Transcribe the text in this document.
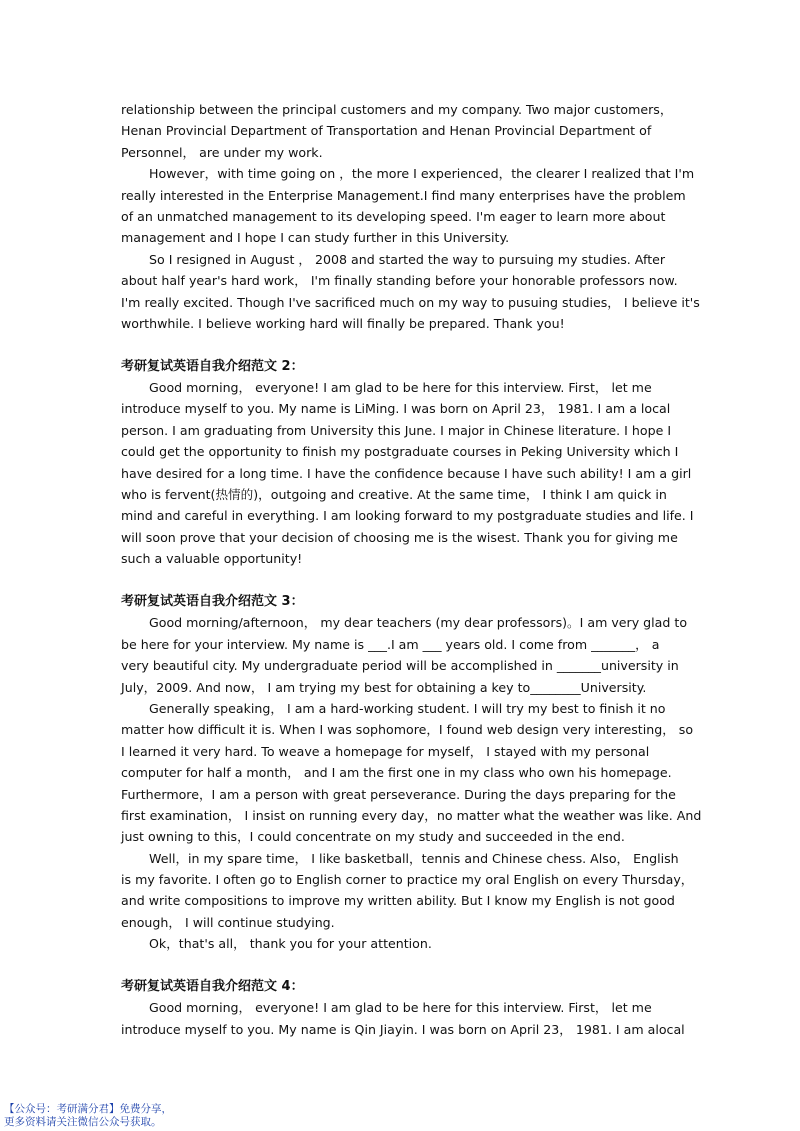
relationship between the principal customers and my company. Two major customers，
Henan Provincial Department of Transportation and Henan Provincial Department of
Personnel， are under my work.
However，with time going on ，the more I experienced，the clearer I realized that I'm
really interested in the Enterprise Management.I find many enterprises have the problem
of an unmatched management to its developing speed. I'm eager to learn more about
management and I hope I can study further in this University.
So I resigned in August ， 2008 and started the way to pursuing my studies. After
about half year's hard work， I'm finally standing before your honorable professors now.
I'm really excited. Though I've sacrificed much on my way to pusuing studies， I believe it's
worthwhile. I believe working hard will finally be prepared. Thank you!
考研复试英语自我介绍范文 2：
Good morning， everyone! I am glad to be here for this interview. First， let me
introduce myself to you. My name is LiMing. I was born on April 23， 1981. I am a local
person. I am graduating from University this June. I major in Chinese literature. I hope I
could get the opportunity to finish my postgraduate courses in Peking University which I
have desired for a long time. I have the confidence because I have such ability! I am a girl
who is fervent(热情的)，outgoing and creative. At the same time， I think I am quick in
mind and careful in everything. I am looking forward to my postgraduate studies and life. I
will soon prove that your decision of choosing me is the wisest. Thank you for giving me
such a valuable opportunity!
考研复试英语自我介绍范文 3：
Good morning/afternoon， my dear teachers (my dear professors)。I am very glad to
be here for your interview. My name is ___.I am ___ years old. I come from _______， a
very beautiful city. My undergraduate period will be accomplished in _______university in
July，2009. And now， I am trying my best for obtaining a key to________University.
Generally speaking， I am a hard-working student. I will try my best to finish it no
matter how difficult it is. When I was sophomore，I found web design very interesting， so
I learned it very hard. To weave a homepage for myself， I stayed with my personal
computer for half a month， and I am the first one in my class who own his homepage.
Furthermore，I am a person with great perseverance. During the days preparing for the
first examination， I insist on running every day，no matter what the weather was like. And
just owning to this，I could concentrate on my study and succeeded in the end.
Well，in my spare time， I like basketball，tennis and Chinese chess. Also， English
is my favorite. I often go to English corner to practice my oral English on every Thursday，
and write compositions to improve my written ability. But I know my English is not good
enough， I will continue studying.
Ok，that's all， thank you for your attention.
考研复试英语自我介绍范文 4：
Good morning， everyone! I am glad to be here for this interview. First， let me
introduce myself to you. My name is Qin Jiayin. I was born on April 23， 1981. I am alocal
【公众号：考研满分君】免费分享，
更多资料请关注微信公众号获取。
